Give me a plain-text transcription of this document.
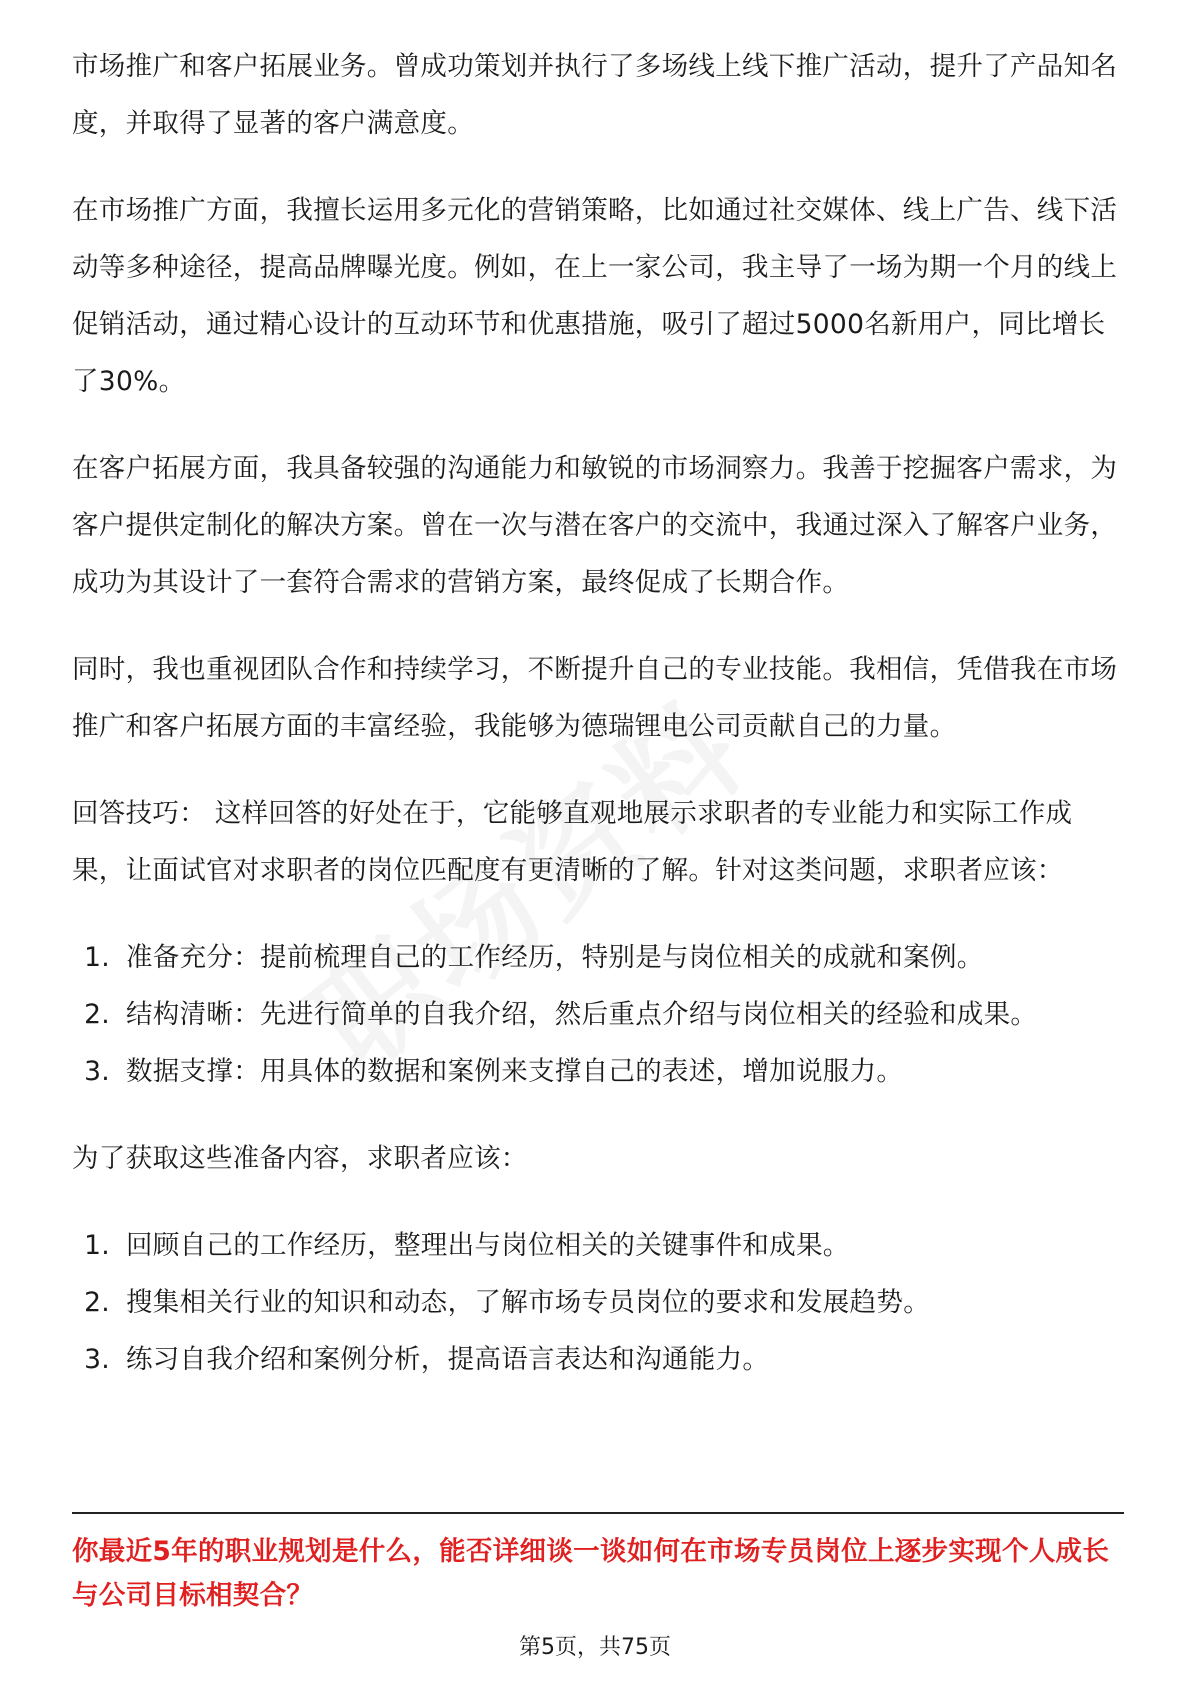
市场推广和客户拓展业务。曾成功策划并执行了多场线上线下推广活动，提升了产品知名度，并取得了显著的客户满意度。

在市场推广方面，我擅长运用多元化的营销策略，比如通过社交媒体、线上广告、线下活动等多种途径，提高品牌曝光度。例如，在上一家公司，我主导了一场为期一个月的线上促销活动，通过精心设计的互动环节和优惠措施，吸引了超过5000名新用户，同比增长了30%。

在客户拓展方面，我具备较强的沟通能力和敏锐的市场洞察力。我善于挖掘客户需求，为客户提供定制化的解决方案。曾在一次与潜在客户的交流中，我通过深入了解客户业务，成功为其设计了一套符合需求的营销方案，最终促成了长期合作。

同时，我也重视团队合作和持续学习，不断提升自己的专业技能。我相信，凭借我在市场推广和客户拓展方面的丰富经验，我能够为德瑞锂电公司贡献自己的力量。

回答技巧： 这样回答的好处在于，它能够直观地展示求职者的专业能力和实际工作成果，让面试官对求职者的岗位匹配度有更清晰的了解。针对这类问题，求职者应该：

1. 准备充分：提前梳理自己的工作经历，特别是与岗位相关的成就和案例。
2. 结构清晰：先进行简单的自我介绍，然后重点介绍与岗位相关的经验和成果。
3. 数据支撑：用具体的数据和案例来支撑自己的表述，增加说服力。

为了获取这些准备内容，求职者应该：

1. 回顾自己的工作经历，整理出与岗位相关的关键事件和成果。
2. 搜集相关行业的知识和动态，了解市场专员岗位的要求和发展趋势。
3. 练习自我介绍和案例分析，提高语言表达和沟通能力。
你最近5年的职业规划是什么，能否详细谈一谈如何在市场专员岗位上逐步实现个人成长与公司目标相契合？
第5页，共75页
